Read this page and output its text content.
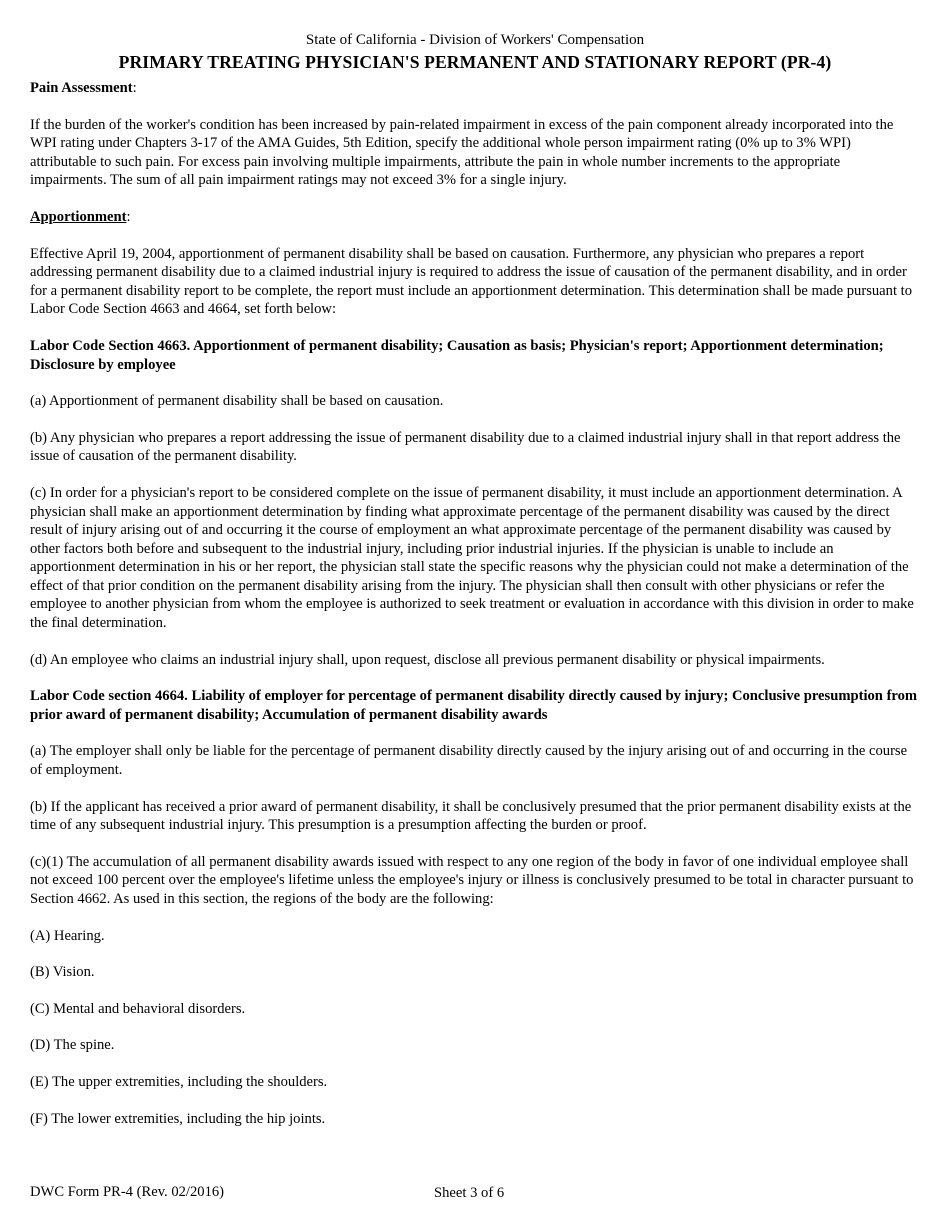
State of California - Division of Workers' Compensation
PRIMARY TREATING PHYSICIAN'S PERMANENT AND STATIONARY REPORT (PR-4)

Pain Assessment:

If the burden of the worker's condition has been increased by pain-related impairment in excess of the pain component already incorporated into the WPI rating under Chapters 3-17 of the AMA Guides, 5th Edition, specify the additional whole person impairment rating (0% up to 3% WPI) attributable to such pain. For excess pain involving multiple impairments, attribute the pain in whole number increments to the appropriate impairments. The sum of all pain impairment ratings may not exceed 3% for a single injury.

Apportionment:

Effective April 19, 2004, apportionment of permanent disability shall be based on causation. Furthermore, any physician who prepares a report addressing permanent disability due to a claimed industrial injury is required to address the issue of causation of the permanent disability, and in order for a permanent disability report to be complete, the report must include an apportionment determination. This determination shall be made pursuant to Labor Code Section 4663 and 4664, set forth below:

Labor Code Section 4663. Apportionment of permanent disability; Causation as basis; Physician's report; Apportionment determination; Disclosure by employee

(a) Apportionment of permanent disability shall be based on causation.

(b) Any physician who prepares a report addressing the issue of permanent disability due to a claimed industrial injury shall in that report address the issue of causation of the permanent disability.

(c) In order for a physician's report to be considered complete on the issue of permanent disability, it must include an apportionment determination. A physician shall make an apportionment determination by finding what approximate percentage of the permanent disability was caused by the direct result of injury arising out of and occurring it the course of employment an what approximate percentage of the permanent disability was caused by other factors both before and subsequent to the industrial injury, including prior industrial injuries. If the physician is unable to include an apportionment determination in his or her report, the physician stall state the specific reasons why the physician could not make a determination of the effect of that prior condition on the permanent disability arising from the injury. The physician shall then consult with other physicians or refer the employee to another physician from whom the employee is authorized to seek treatment or evaluation in accordance with this division in order to make the final determination.

(d) An employee who claims an industrial injury shall, upon request, disclose all previous permanent disability or physical impairments.

Labor Code section 4664. Liability of employer for percentage of permanent disability directly caused by injury; Conclusive presumption from prior award of permanent disability; Accumulation of permanent disability awards

(a) The employer shall only be liable for the percentage of permanent disability directly caused by the injury arising out of and occurring in the course of employment.

(b) If the applicant has received a prior award of permanent disability, it shall be conclusively presumed that the prior permanent disability exists at the time of any subsequent industrial injury. This presumption is a presumption affecting the burden or proof.

(c)(1) The accumulation of all permanent disability awards issued with respect to any one region of the body in favor of one individual employee shall not exceed 100 percent over the employee's lifetime unless the employee's injury or illness is conclusively presumed to be total in character pursuant to Section 4662. As used in this section, the regions of the body are the following:

(A) Hearing.

(B) Vision.

(C) Mental and behavioral disorders.

(D) The spine.

(E) The upper extremities, including the shoulders.

(F) The lower extremities, including the hip joints.

DWC Form PR-4 (Rev. 02/2016)	Sheet 3 of 6
